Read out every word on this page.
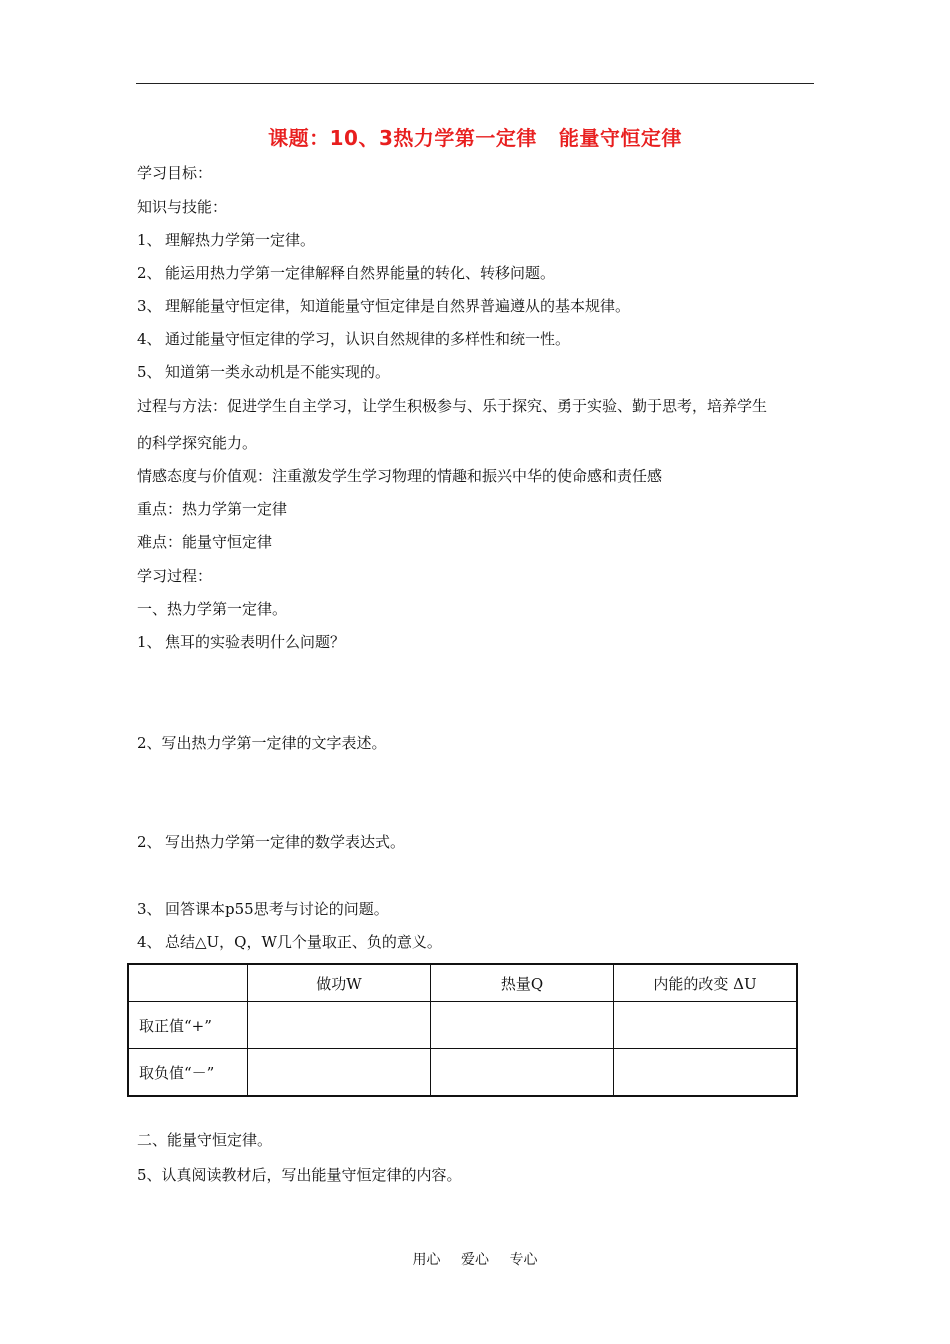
课题：10、3热力学第一定律 能量守恒定律
学习目标：
知识与技能：
1、 理解热力学第一定律。
2、 能运用热力学第一定律解释自然界能量的转化、转移问题。
3、 理解能量守恒定律，知道能量守恒定律是自然界普遍遵从的基本规律。
4、 通过能量守恒定律的学习，认识自然规律的多样性和统一性。
5、 知道第一类永动机是不能实现的。
过程与方法：促进学生自主学习，让学生积极参与、乐于探究、勇于实验、勤于思考，培养学生
的科学探究能力。
情感态度与价值观：注重激发学生学习物理的情趣和振兴中华的使命感和责任感
重点：热力学第一定律
难点：能量守恒定律
学习过程：
一、热力学第一定律。
1、 焦耳的实验表明什么问题？
2、写出热力学第一定律的文字表述。
2、 写出热力学第一定律的数学表达式。
3、 回答课本p55思考与讨论的问题。
4、 总结△U，Q，W几个量取正、负的意义。
	做功W	热量Q	内能的改变 ΔU
取正值“+”			
取负值“－”			
二、能量守恒定律。
5、认真阅读教材后，写出能量守恒定律的内容。
用心 爱心 专心
